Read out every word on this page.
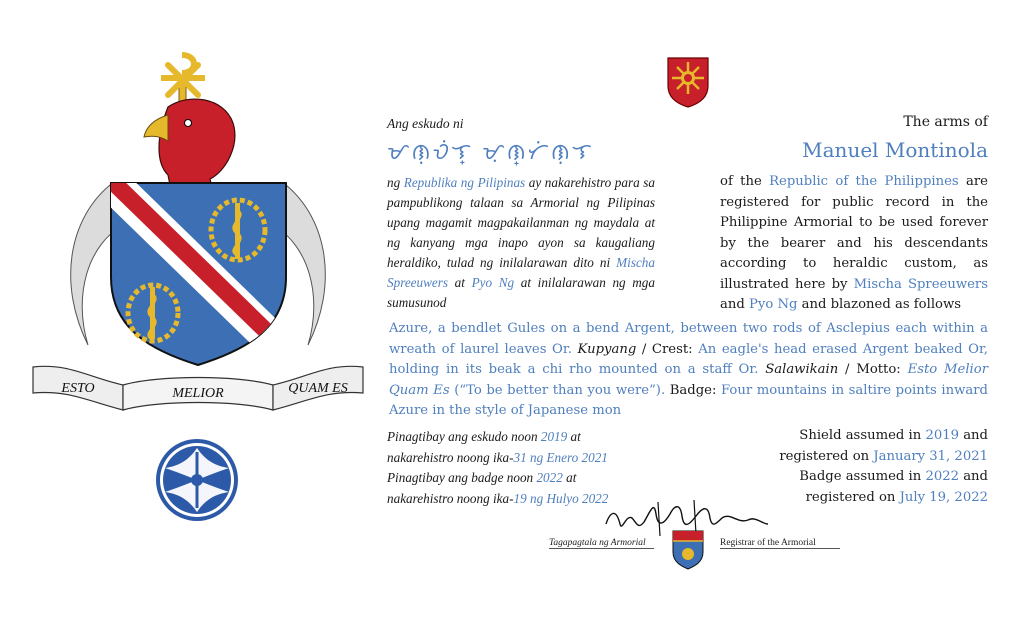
ESTO	MELIOR	QUAM ES
Ang eskudo ni
ᜋᜈᜓᜏᜒᜎ᜔ ᜋᜓᜈ᜔ᜆᜒᜈᜓᜎ
ng Republika ng Pilipinas ay nakarehistro para sa pampublikong talaan sa Armorial ng Pilipinas upang magamit magpakailanman ng maydala at ng kanyang mga inapo ayon sa kaugaliang heraldiko, tulad ng inilalarawan dito ni Mischa Spreeuwers at Pyo Ng at inilalarawan ng mga sumusunod
Pinagtibay ang eskudo noon 2019 at
nakarehistro noong ika-31 ng Enero 2021
Pinagtibay ang badge noon 2022 at
nakarehistro noong ika-19 ng Hulyo 2022
The arms of
Manuel Montinola
of the Republic of the Philippines are registered for public record in the Philippine Armorial to be used forever by the bearer and his descendants according to heraldic custom, as illustrated here by Mischa Spreeuwers and Pyo Ng and blazoned as follows
Shield assumed in 2019 and
registered on January 31, 2021
Badge assumed in 2022 and
registered on July 19, 2022
Azure, a bendlet Gules on a bend Argent, between two rods of Asclepius each within a wreath of laurel leaves Or. Kupyang / Crest: An eagle's head erased Argent beaked Or, holding in its beak a chi rho mounted on a staff Or. Salawikain / Motto: Esto Melior Quam Es (“To be better than you were”). Badge: Four mountains in saltire points inward Azure in the style of Japanese mon
Tagapagtala ng Armorial	Registrar of the Armorial
